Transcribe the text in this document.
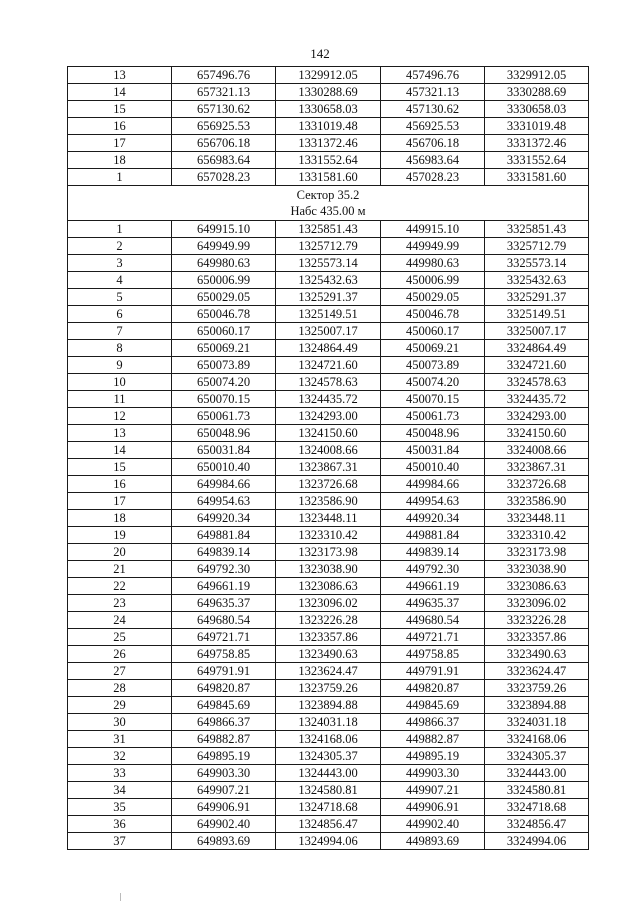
142
13	657496.76	1329912.05	457496.76	3329912.05
14	657321.13	1330288.69	457321.13	3330288.69
15	657130.62	1330658.03	457130.62	3330658.03
16	656925.53	1331019.48	456925.53	3331019.48
17	656706.18	1331372.46	456706.18	3331372.46
18	656983.64	1331552.64	456983.64	3331552.64
1	657028.23	1331581.60	457028.23	3331581.60

Сектор 35.2
Набс 435.00 м				

1	649915.10	1325851.43	449915.10	3325851.43
2	649949.99	1325712.79	449949.99	3325712.79
3	649980.63	1325573.14	449980.63	3325573.14
4	650006.99	1325432.63	450006.99	3325432.63
5	650029.05	1325291.37	450029.05	3325291.37
6	650046.78	1325149.51	450046.78	3325149.51
7	650060.17	1325007.17	450060.17	3325007.17
8	650069.21	1324864.49	450069.21	3324864.49
9	650073.89	1324721.60	450073.89	3324721.60
10	650074.20	1324578.63	450074.20	3324578.63
11	650070.15	1324435.72	450070.15	3324435.72
12	650061.73	1324293.00	450061.73	3324293.00
13	650048.96	1324150.60	450048.96	3324150.60
14	650031.84	1324008.66	450031.84	3324008.66
15	650010.40	1323867.31	450010.40	3323867.31
16	649984.66	1323726.68	449984.66	3323726.68
17	649954.63	1323586.90	449954.63	3323586.90
18	649920.34	1323448.11	449920.34	3323448.11
19	649881.84	1323310.42	449881.84	3323310.42
20	649839.14	1323173.98	449839.14	3323173.98
21	649792.30	1323038.90	449792.30	3323038.90
22	649661.19	1323086.63	449661.19	3323086.63
23	649635.37	1323096.02	449635.37	3323096.02
24	649680.54	1323226.28	449680.54	3323226.28
25	649721.71	1323357.86	449721.71	3323357.86
26	649758.85	1323490.63	449758.85	3323490.63
27	649791.91	1323624.47	449791.91	3323624.47
28	649820.87	1323759.26	449820.87	3323759.26
29	649845.69	1323894.88	449845.69	3323894.88
30	649866.37	1324031.18	449866.37	3324031.18
31	649882.87	1324168.06	449882.87	3324168.06
32	649895.19	1324305.37	449895.19	3324305.37
33	649903.30	1324443.00	449903.30	3324443.00
34	649907.21	1324580.81	449907.21	3324580.81
35	649906.91	1324718.68	449906.91	3324718.68
36	649902.40	1324856.47	449902.40	3324856.47
37	649893.69	1324994.06	449893.69	3324994.06
